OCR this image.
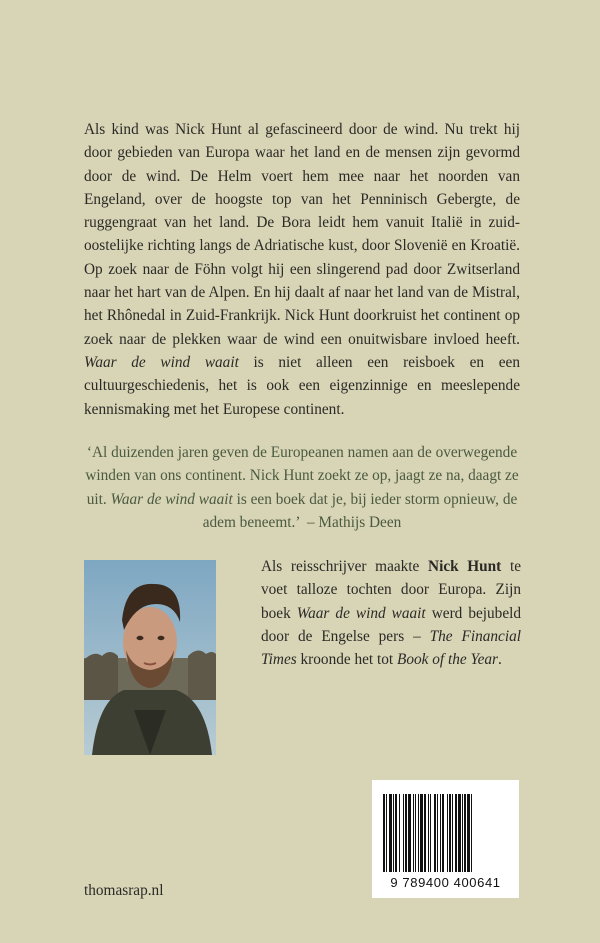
Als kind was Nick Hunt al gefascineerd door de wind. Nu trekt hij door gebieden van Europa waar het land en de mensen zijn gevormd door de wind. De Helm voert hem mee naar het noorden van Engeland, over de hoogste top van het Penninisch Gebergte, de ruggengraat van het land. De Bora leidt hem vanuit Italië in zuidoostelijke richting langs de Adriatische kust, door Slovenië en Kroatië. Op zoek naar de Föhn volgt hij een slingerend pad door Zwitserland naar het hart van de Alpen. En hij daalt af naar het land van de Mistral, het Rhônedal in Zuid-Frankrijk. Nick Hunt doorkruist het continent op zoek naar de plekken waar de wind een onuitwisbare invloed heeft. Waar de wind waait is niet alleen een reisboek en een cultuurgeschiedenis, het is ook een eigenzinnige en meeslepende kennismaking met het Europese continent.

‘Al duizenden jaren geven de Europeanen namen aan de overwegende winden van ons continent. Nick Hunt zoekt ze op, jaagt ze na, daagt ze uit. Waar de wind waait is een boek dat je, bij ieder storm opnieuw, de adem beneemt.’ – Mathijs Deen
Als reisschrijver maakte Nick Hunt te voet talloze tochten door Europa. Zijn boek Waar de wind waait werd bejubeld door de Engelse pers – The Financial Times kroonde het tot Book of the Year.
9 789400 400641
thomasrap.nl
